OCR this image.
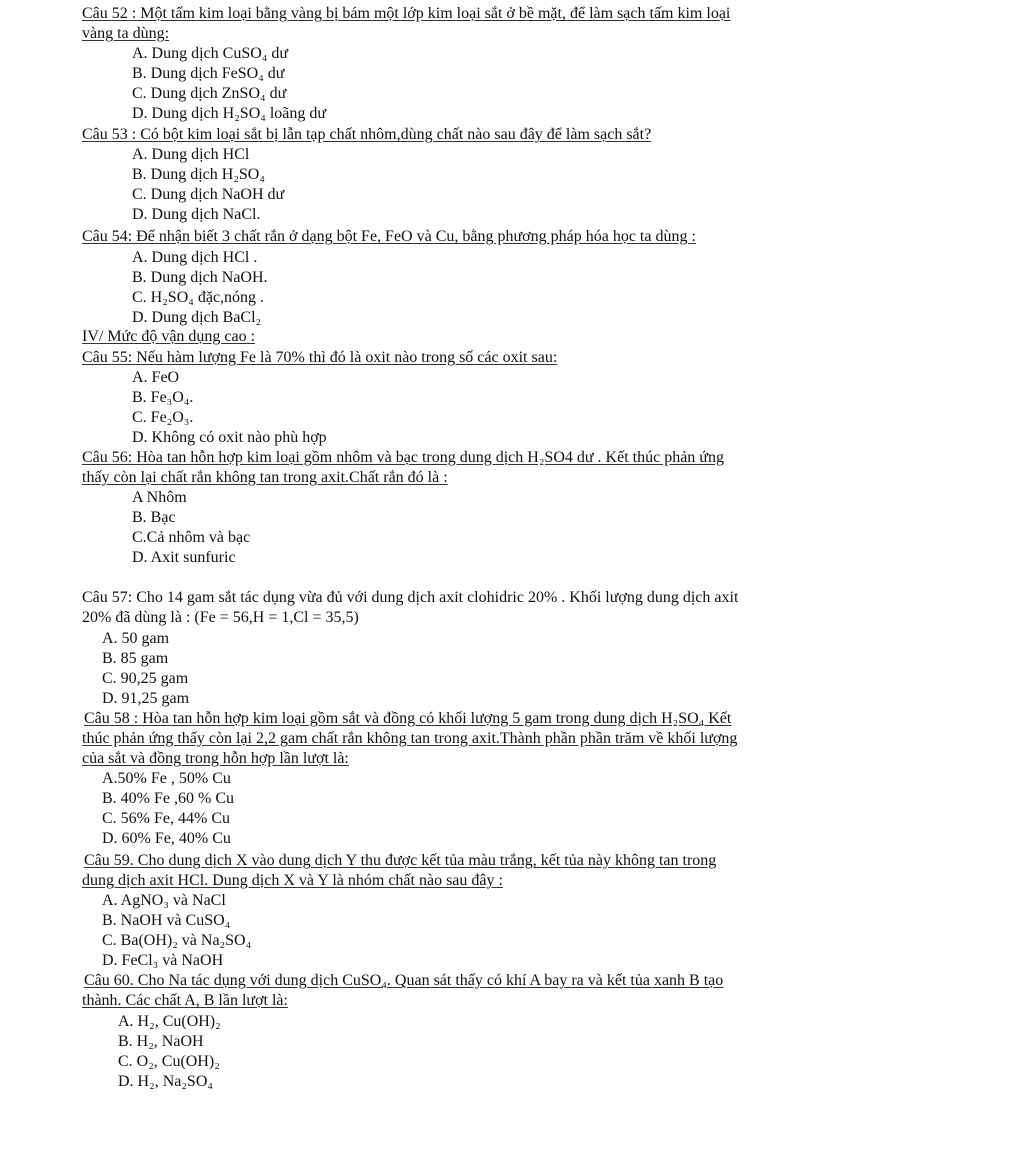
Câu 52 : Một tấm kim loại bằng vàng bị bám một lớp kim loại sắt ở bề mặt, để làm sạch tấm kim loại
vàng ta dùng:
A. Dung dịch CuSO₄ dư
B. Dung dịch FeSO₄ dư
C. Dung dịch ZnSO₄ dư
D. Dung dịch H₂SO₄ loãng dư
Câu 53 : Có bột kim loại sắt bị lẫn tạp chất nhôm,dùng chất nào sau đây để làm sạch sắt?
A. Dung dịch HCl
B. Dung dịch H₂SO₄
C. Dung dịch NaOH dư
D. Dung dịch NaCl.
Câu 54: Để nhận biết 3 chất rắn ở dạng bột Fe, FeO và Cu, bằng phương pháp hóa học ta dùng :
A. Dung dịch HCl .
B. Dung dịch NaOH.
C. H₂SO₄ đặc,nóng .
D. Dung dịch BaCl₂
IV/ Mức độ vận dụng cao :
Câu 55: Nếu hàm lượng Fe là 70% thì đó là oxit nào trong số các oxit sau:
A. FeO
B. Fe₃O₄.
C. Fe₂O₃.
D. Không có oxit nào phù hợp
Câu 56: Hòa tan hỗn hợp kim loại gồm nhôm và bạc trong dung dịch H₂SO4 dư . Kết thúc phản ứng
thấy còn lại chất rắn không tan trong axit.Chất rắn đó là :
A Nhôm
B. Bạc
C.Cả nhôm và bạc
D. Axit sunfuric
Câu 57: Cho 14 gam sắt tác dụng vừa đủ với dung dịch axit clohidric 20% . Khối lượng dung dịch axit
20% đã dùng là : (Fe = 56,H = 1,Cl = 35,5)
A. 50 gam
B. 85 gam
C. 90,25 gam
D. 91,25 gam
Câu 58 : Hòa tan hỗn hợp kim loại gồm sắt và đồng có khối lượng 5 gam trong dung dịch H₂SO₄ Kết
thúc phản ứng thấy còn lại 2,2 gam chất rắn không tan trong axit.Thành phần phần trăm về khối lượng
của sắt và đồng trong hỗn hợp lần lượt là:
A.50% Fe , 50% Cu
B. 40% Fe ,60 % Cu
C. 56% Fe, 44% Cu
D. 60% Fe, 40% Cu
Câu 59. Cho dung dịch X vào dung dịch Y thu được kết tủa màu trắng, kết tủa này không tan trong
dung dịch axit HCl. Dung dịch X và Y là nhóm chất nào sau đây :
A. AgNO₃ và NaCl
B. NaOH và CuSO₄
C. Ba(OH)₂ và Na₂SO₄
D. FeCl₃ và NaOH
Câu 60. Cho Na tác dụng với dung dịch CuSO₄. Quan sát thấy có khí A bay ra và kết tủa xanh B tạo
thành. Các chất A, B lần lượt là:
A. H₂, Cu(OH)₂
B. H₂, NaOH
C. O₂, Cu(OH)₂
D. H₂, Na₂SO₄
